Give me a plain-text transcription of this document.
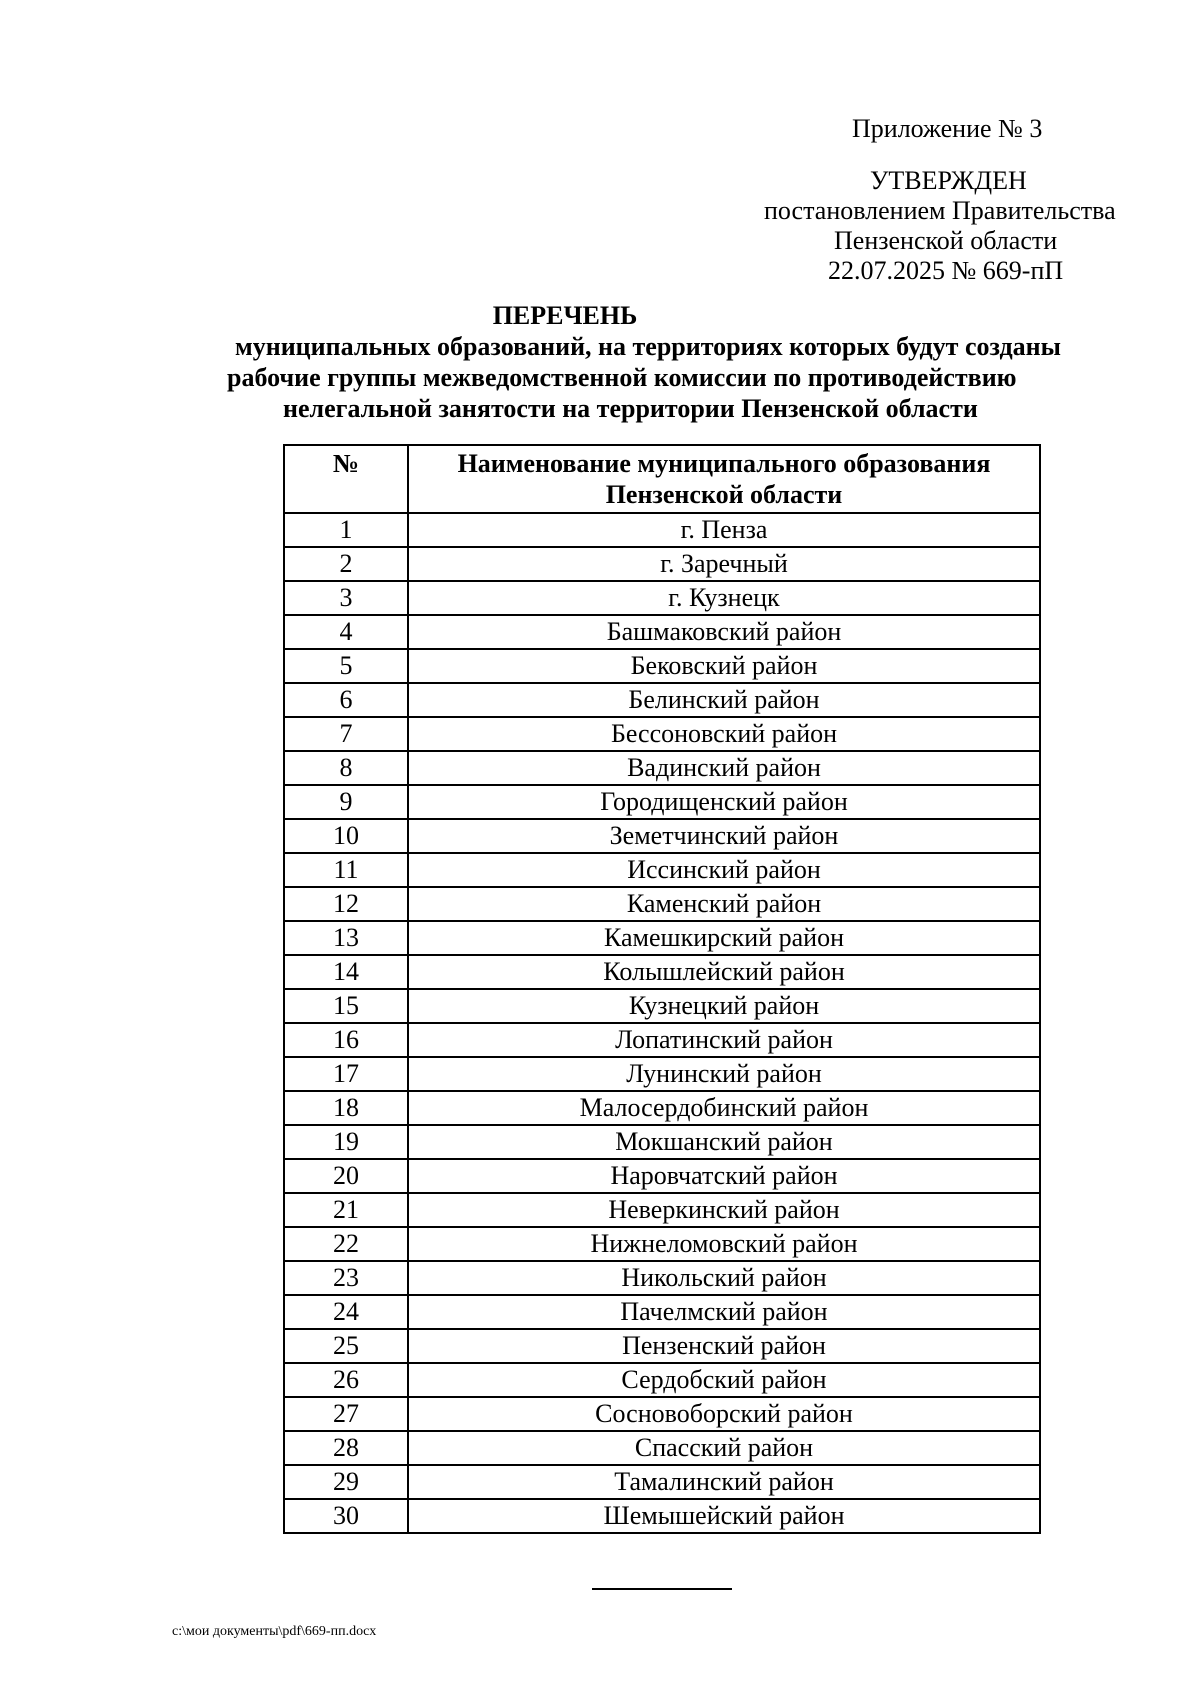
Приложение № 3
УТВЕРЖДЕН
постановлением Правительства
Пензенской области
22.07.2025 № 669-пП
ПЕРЕЧЕНЬ
муниципальных образований, на территориях которых будут созданы
рабочие группы межведомственной комиссии по противодействию
нелегальной занятости на территории Пензенской области
№	Наименование муниципального образования
Пензенской области

1	г. Пенза
2	г. Заречный
3	г. Кузнецк
4	Башмаковский район
5	Бековский район
6	Белинский район
7	Бессоновский район
8	Вадинский район
9	Городищенский район
10	Земетчинский район
11	Иссинский район
12	Каменский район
13	Камешкирский район
14	Колышлейский район
15	Кузнецкий район
16	Лопатинский район
17	Лунинский район
18	Малосердобинский район
19	Мокшанский район
20	Наровчатский район
21	Неверкинский район
22	Нижнеломовский район
23	Никольский район
24	Пачелмский район
25	Пензенский район
26	Сердобский район
27	Сосновоборский район
28	Спасский район
29	Тамалинский район
30	Шемышейский район
c:\мои документы\pdf\669-пп.docx
